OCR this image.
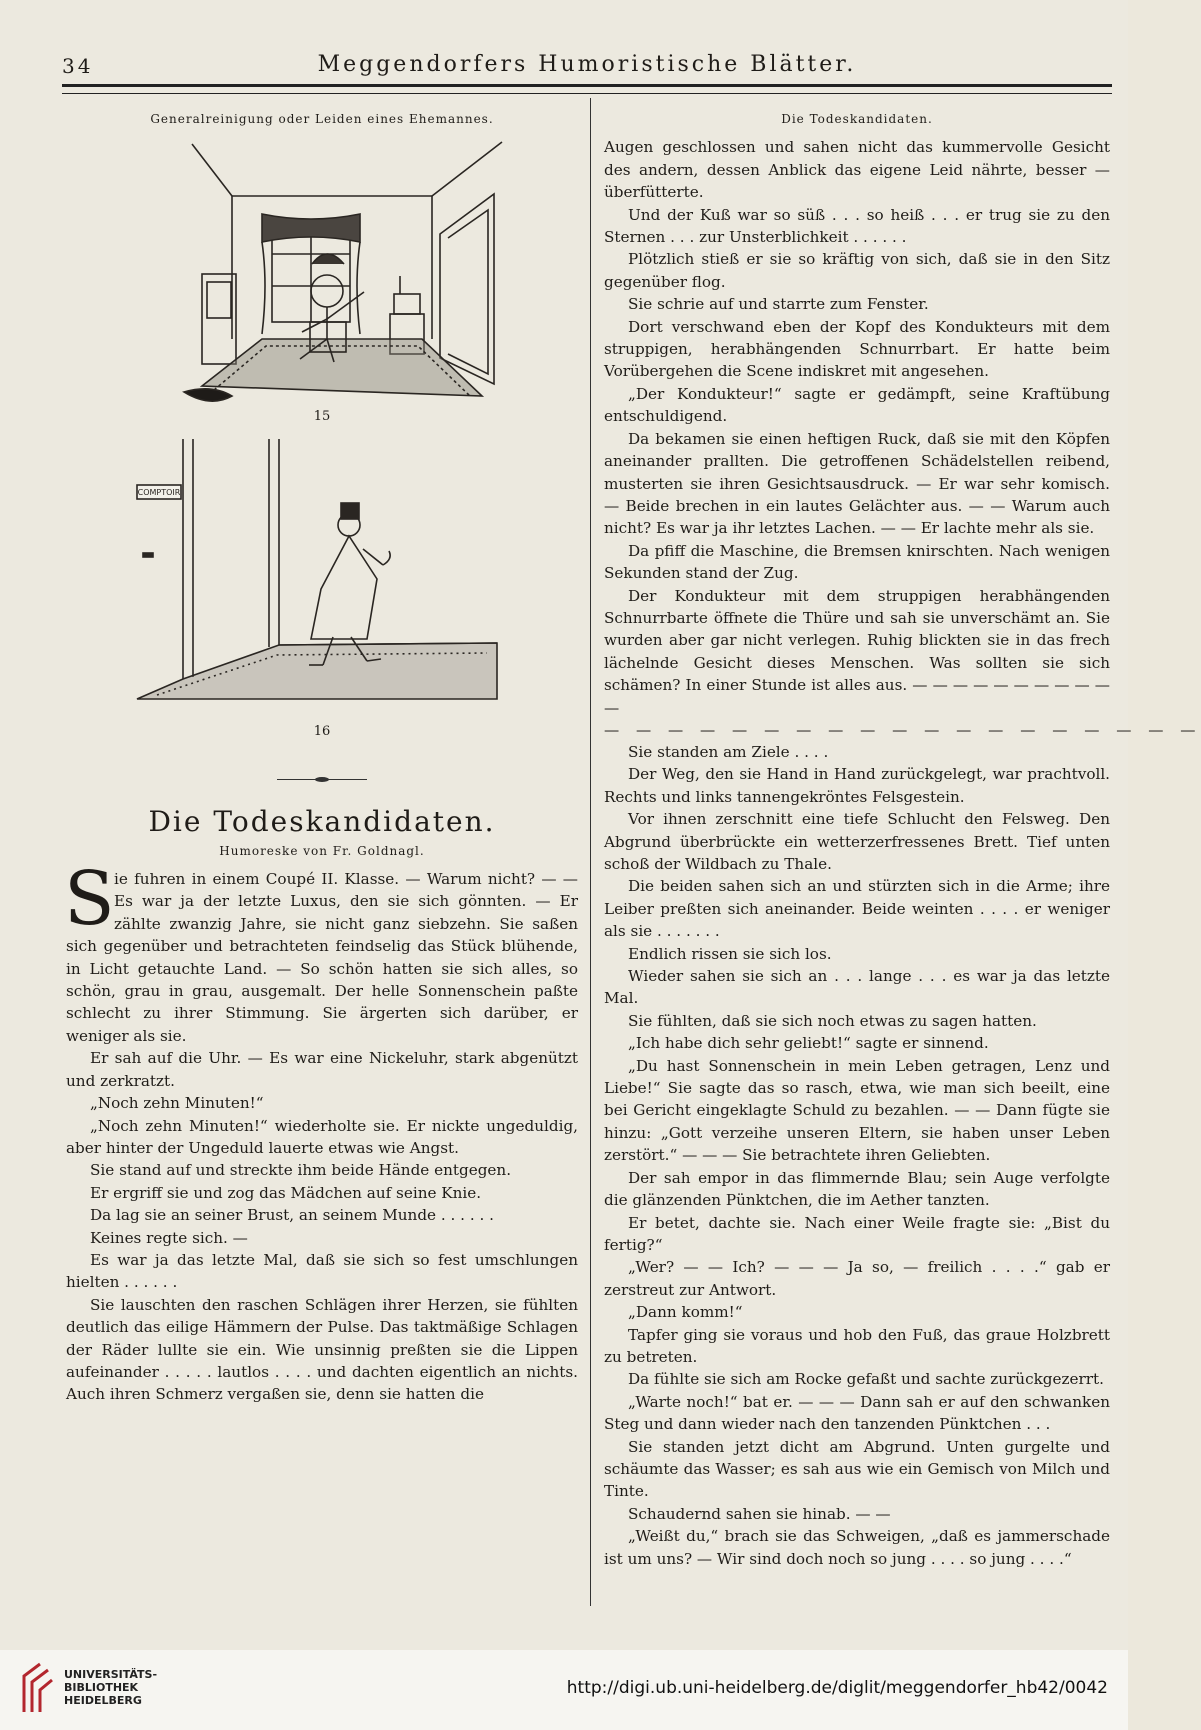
34	Meggendorfers Humoristische Blätter.
Generalreinigung oder Leiden eines Ehemannes.
15
COMPTOIR
16
Die Todeskandidaten.
Humoreske von Fr. Goldnagl.
S ie fuhren in einem Coupé II. Klasse. — Warum nicht? — — Es war ja der letzte Luxus, den sie sich gönnten. — Er zählte zwanzig Jahre, sie nicht ganz siebzehn. Sie saßen sich gegenüber und betrachteten feindselig das Stück blühende, in Licht getauchte Land. — So schön hatten sie sich alles, so schön, grau in grau, ausgemalt. Der helle Sonnenschein paßte schlecht zu ihrer Stimmung. Sie ärgerten sich darüber, er weniger als sie.

Er sah auf die Uhr. — Es war eine Nickeluhr, stark abgenützt und zerkratzt.

„Noch zehn Minuten!“

„Noch zehn Minuten!“ wiederholte sie. Er nickte ungeduldig, aber hinter der Ungeduld lauerte etwas wie Angst.

Sie stand auf und streckte ihm beide Hände entgegen.

Er ergriff sie und zog das Mädchen auf seine Knie.

Da lag sie an seiner Brust, an seinem Munde . . . . . .

Keines regte sich. —

Es war ja das letzte Mal, daß sie sich so fest umschlungen hielten . . . . . .

Sie lauschten den raschen Schlägen ihrer Herzen, sie fühlten deutlich das eilige Hämmern der Pulse. Das taktmäßige Schlagen der Räder lullte sie ein. Wie unsinnig preßten sie die Lippen aufeinander . . . . . lautlos . . . . und dachten eigentlich an nichts. Auch ihren Schmerz vergaßen sie, denn sie hatten die

Die Todeskandidaten.

Augen geschlossen und sahen nicht das kummervolle Gesicht des andern, dessen Anblick das eigene Leid nährte, besser — überfütterte.

Und der Kuß war so süß . . . so heiß . . . er trug sie zu den Sternen . . . zur Unsterblichkeit . . . . . .

Plötzlich stieß er sie so kräftig von sich, daß sie in den Sitz gegenüber flog.

Sie schrie auf und starrte zum Fenster.

Dort verschwand eben der Kopf des Kondukteurs mit dem struppigen, herabhängenden Schnurrbart. Er hatte beim Vorübergehen die Scene indiskret mit angesehen.

„Der Kondukteur!“ sagte er gedämpft, seine Kraftübung entschuldigend.

Da bekamen sie einen heftigen Ruck, daß sie mit den Köpfen aneinander prallten. Die getroffenen Schädelstellen reibend, musterten sie ihren Gesichtsausdruck. — Er war sehr komisch. — Beide brechen in ein lautes Gelächter aus. — — Warum auch nicht? Es war ja ihr letztes Lachen. — — Er lachte mehr als sie.

Da pfiff die Maschine, die Bremsen knirschten. Nach wenigen Sekunden stand der Zug.

Der Kondukteur mit dem struppigen herabhängenden Schnurrbarte öffnete die Thüre und sah sie unverschämt an. Sie wurden aber gar nicht verlegen. Ruhig blickten sie in das frech lächelnde Gesicht dieses Menschen. Was sollten sie sich schämen? In einer Stunde ist alles aus. — — — — — — — — — — —

— — — — — — — — — — — — — — — — — — —

Sie standen am Ziele . . . .

Der Weg, den sie Hand in Hand zurückgelegt, war prachtvoll. Rechts und links tannengekröntes Felsgestein.

Vor ihnen zerschnitt eine tiefe Schlucht den Felsweg. Den Abgrund überbrückte ein wetterzerfressenes Brett. Tief unten schoß der Wildbach zu Thale.

Die beiden sahen sich an und stürzten sich in die Arme; ihre Leiber preßten sich aneinander. Beide weinten . . . . er weniger als sie . . . . . . .

Endlich rissen sie sich los.

Wieder sahen sie sich an . . . lange . . . es war ja das letzte Mal.

Sie fühlten, daß sie sich noch etwas zu sagen hatten.

„Ich habe dich sehr geliebt!“ sagte er sinnend.

„Du hast Sonnenschein in mein Leben getragen, Lenz und Liebe!“ Sie sagte das so rasch, etwa, wie man sich beeilt, eine bei Gericht eingeklagte Schuld zu bezahlen. — — Dann fügte sie hinzu: „Gott verzeihe unseren Eltern, sie haben unser Leben zerstört.“ — — — Sie betrachtete ihren Geliebten.

Der sah empor in das flimmernde Blau; sein Auge verfolgte die glänzenden Pünktchen, die im Aether tanzten.

Er betet, dachte sie. Nach einer Weile fragte sie: „Bist du fertig?“

„Wer? — — Ich? — — — Ja so, — freilich . . . .“ gab er zerstreut zur Antwort.

„Dann komm!“

Tapfer ging sie voraus und hob den Fuß, das graue Holzbrett zu betreten.

Da fühlte sie sich am Rocke gefaßt und sachte zurückgezerrt.

„Warte noch!“ bat er. — — — Dann sah er auf den schwanken Steg und dann wieder nach den tanzenden Pünktchen . . .

Sie standen jetzt dicht am Abgrund. Unten gurgelte und schäumte das Wasser; es sah aus wie ein Gemisch von Milch und Tinte.

Schaudernd sahen sie hinab. — —

„Weißt du,“ brach sie das Schweigen, „daß es jammerschade ist um uns? — Wir sind doch noch so jung . . . . so jung . . . .“

UNIVERSITÄTS-
BIBLIOTHEK
HEIDELBERG
http://digi.ub.uni-heidelberg.de/diglit/meggendorfer_hb42/0042
